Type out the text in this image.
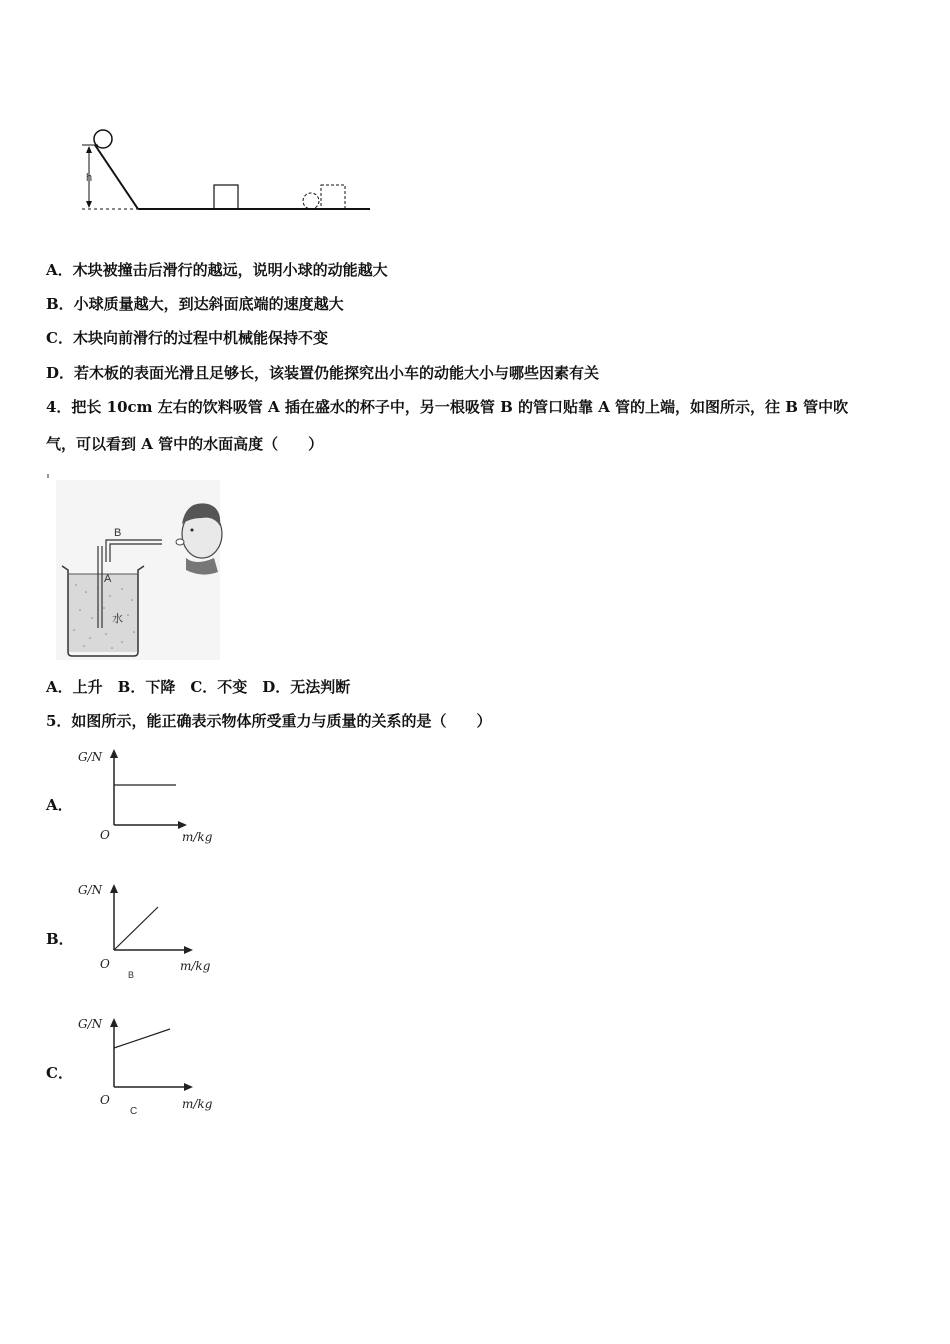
h
A．木块被撞击后滑行的越远，说明小球的动能越大
B．小球质量越大，到达斜面底端的速度越大
C．木块向前滑行的过程中机械能保持不变
D．若木板的表面光滑且足够长，该装置仍能探究出小车的动能大小与哪些因素有关
4．把长 10cm 左右的饮料吸管 A 插在盛水的杯子中，另一根吸管 B 的管口贴靠 A 管的上端，如图所示，往 B 管中吹
气，可以看到 A 管中的水面高度（　　）
A
B
水
A．上升　B．下降　C．不变　D．无法判断
5．如图所示，能正确表示物体所受重力与质量的关系的是（　　）
A．
G/N
O	m/kg
B．
G/N
O	m/kg
B
C．
G/N
O	m/kg
C
